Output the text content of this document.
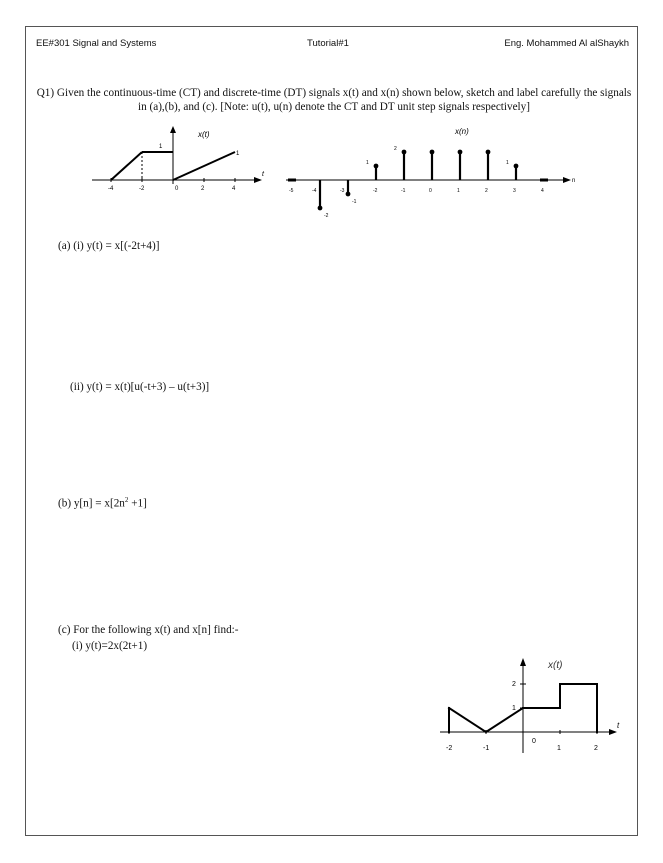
EE#301 Signal and Systems	Tutorial#1	Eng. Mohammed Al alShaykh
Q1) Given the continuous-time (CT) and discrete-time (DT) signals x(t) and x(n) shown below, sketch and label carefully the signals in (a),(b), and (c). [Note: u(t), u(n) denote the CT and DT unit step signals respectively]
x(t)
t
-4	-2	0	2	4
1
1
x(n)
n
-5	-4
-2
-3
-1
-2
1
-1
2
0	1	2	3
1
4
(a) (i) y(t) = x[(-2t+4)]
(ii) y(t) = x(t)[u(-t+3) – u(t+3)]
(b) $y[n] = x[2n^2 +1]$
(c) For the following x(t) and x[n] find:-
(i) y(t)=2x(2t+1)
x(t)
t
2
1
-2	-1
0
1	2
